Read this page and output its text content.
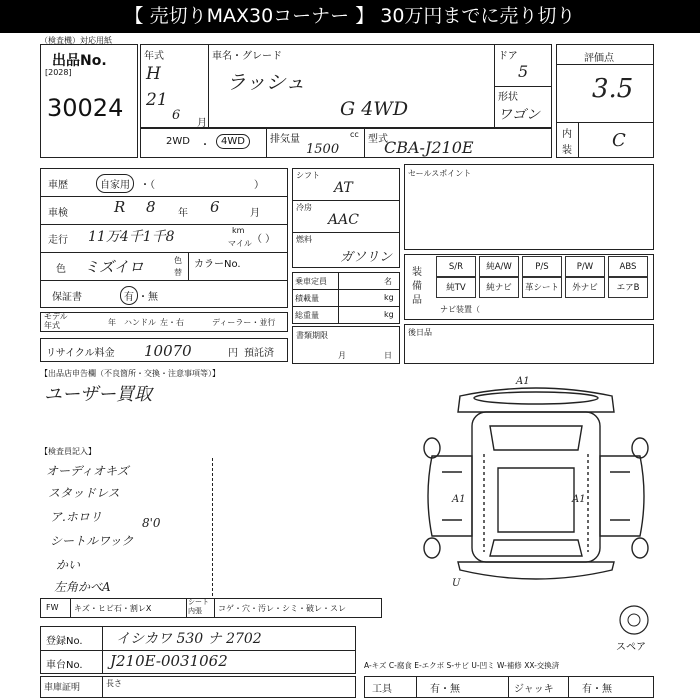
【 売切りMAX30コーナー 】 30万円までに売り切り
（検査機）対応用紙
出品No.
[2028]
30024
年式
H
21
6
月
車名・グレード
ラッシュ
G 4WD
ドア
5
形状
ワゴン
評価点
3.5
内
装 C
2WD ・	4WD	排気量	cc
1500
型式
CBA-J210E
車歴	自家用	・（	）
車検	R 8 年 6	月
走行 11万4千1千8	km
マイル （ ）
色 ミズイロ	色
替
カラーNo.
保証書	有 ・無
モデル
年式	年 ハンドル 左・右	ディーラー・並行
リサイクル料金 10070	円 預託済
シフト
AT
冷房
AAC
燃料
ガソリン
乗車定員	名
積載量	kg
総重量	kg
書類期限
月	日
セールスポイント
装備品
S/R	純A/W	P/S	P/W	ABS
純TV	純ナビ	革シート	外ナビ	エアB
ナビ装置（
後日品
【出品店申告欄（不良箇所・交換・注意事項等）】
ユーザー買取
【検査員記入】
オーディオキズ
スタッドレス
ア.ホロリ	8'0
シートルワック
かい
左角かべA
A1
A1	A1
U
スペア
FW キズ・ヒビ石・割レX
シート
内張 コゲ・穴・汚レ・シミ・破レ・スレ
登録No. イシカワ 530 ナ 2702
車台No. J210E-0031062	A-キズ C-腐食 E-エクボ S-サビ U-凹ミ W-補修 XX-交換済
車庫証明	長さ
工具	有・無	ジャッキ	有・無
